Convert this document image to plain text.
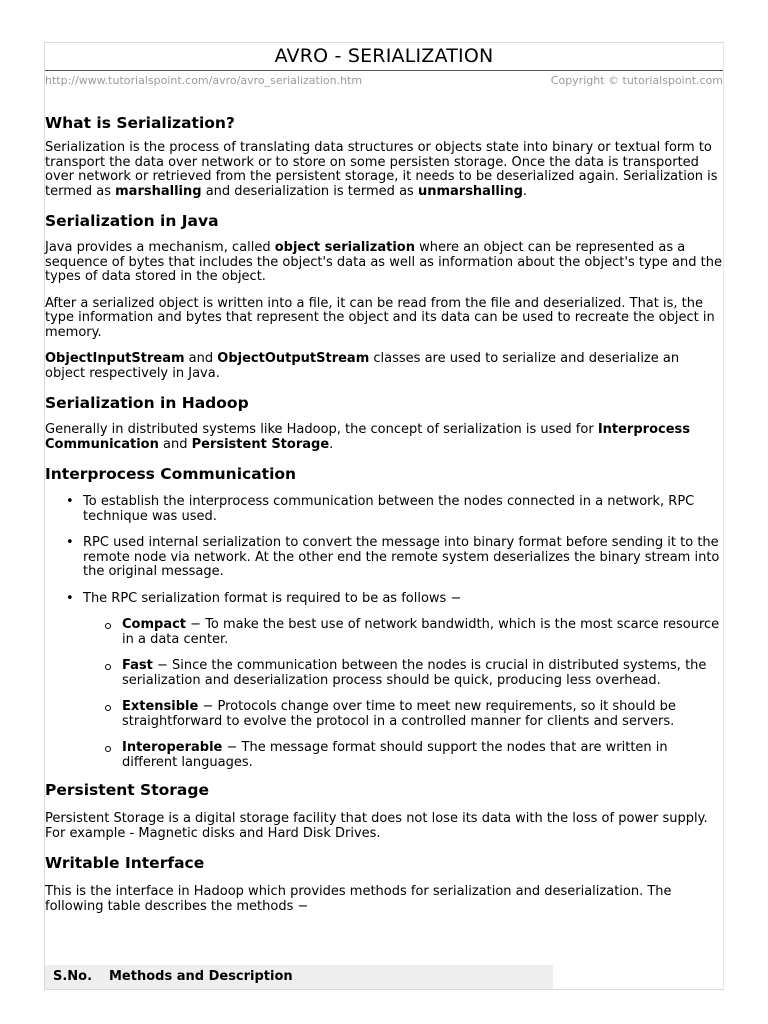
AVRO - SERIALIZATION
http://www.tutorialspoint.com/avro/avro_serialization.htm	Copyright © tutorialspoint.com
What is Serialization?

Serialization is the process of translating data structures or objects state into binary or textual form to transport the data over network or to store on some persisten storage. Once the data is transported over network or retrieved from the persistent storage, it needs to be deserialized again. Serialization is termed as marshalling and deserialization is termed as unmarshalling.

Serialization in Java

Java provides a mechanism, called object serialization where an object can be represented as a sequence of bytes that includes the object's data as well as information about the object's type and the types of data stored in the object.

After a serialized object is written into a file, it can be read from the file and deserialized. That is, the type information and bytes that represent the object and its data can be used to recreate the object in memory.

ObjectInputStream and ObjectOutputStream classes are used to serialize and deserialize an object respectively in Java.

Serialization in Hadoop

Generally in distributed systems like Hadoop, the concept of serialization is used for Interprocess Communication and Persistent Storage.

Interprocess Communication
• To establish the interprocess communication between the nodes connected in a network, RPC technique was used.
• RPC used internal serialization to convert the message into binary format before sending it to the remote node via network. At the other end the remote system deserializes the binary stream into the original message.
• The RPC serialization format is required to be as follows −
Compact − To make the best use of network bandwidth, which is the most scarce resource in a data center.
Fast − Since the communication between the nodes is crucial in distributed systems, the serialization and deserialization process should be quick, producing less overhead.
Extensible − Protocols change over time to meet new requirements, so it should be straightforward to evolve the protocol in a controlled manner for clients and servers.
Interoperable − The message format should support the nodes that are written in different languages.
Persistent Storage

Persistent Storage is a digital storage facility that does not lose its data with the loss of power supply. For example - Magnetic disks and Hard Disk Drives.

Writable Interface

This is the interface in Hadoop which provides methods for serialization and deserialization. The following table describes the methods −

S.No. Methods and Description
